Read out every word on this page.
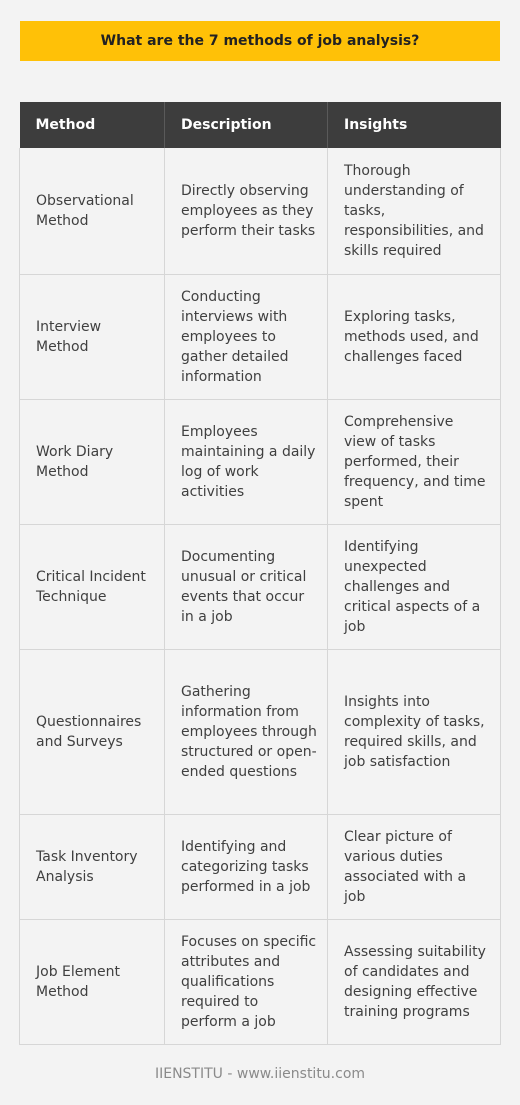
What are the 7 methods of job analysis?
Method	Description	Insights
Observational Method	Directly observing employees as they perform their tasks	Thorough understanding of tasks, responsibilities, and skills required
Interview Method	Conducting interviews with employees to gather detailed information	Exploring tasks, methods used, and challenges faced
Work Diary Method	Employees maintaining a daily log of work activities	Comprehensive view of tasks performed, their frequency, and time spent
Critical Incident Technique	Documenting unusual or critical events that occur in a job	Identifying unexpected challenges and critical aspects of a job
Questionnaires and Surveys	Gathering information from employees through structured or open-ended questions	Insights into complexity of tasks, required skills, and job satisfaction
Task Inventory Analysis	Identifying and categorizing tasks performed in a job	Clear picture of various duties associated with a job
Job Element Method	Focuses on specific attributes and qualifications required to perform a job	Assessing suitability of candidates and designing effective training programs
IIENSTITU - www.iienstitu.com
